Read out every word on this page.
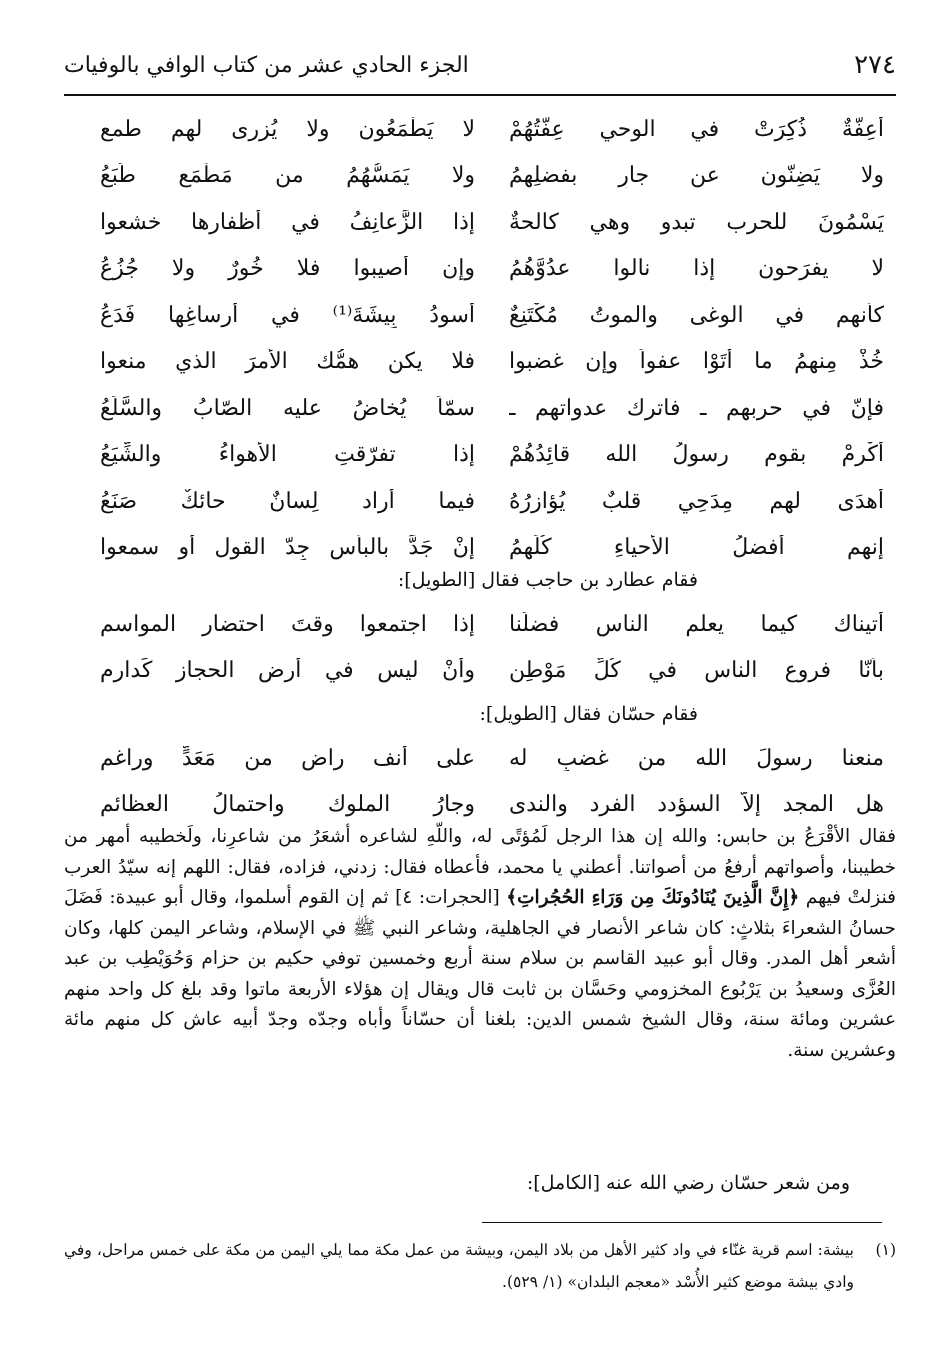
٢٧٤
الجزء الحادي عشر من كتاب الوافي بالوفيات
أَعِفَّةٌ ذُكِرَتْ في الوحي عِفَّتُهُمْ
لا يَطْمَعُون ولا يُزرى لهم طمع
ولا يَضِنّون عن جارٍ بفضلِهِمُ
ولا يَمَسُّهُمُ من مَطْمَعٍ طَبَعُ
يَسْمُونَ للحرب تبدو وهي كالحةٌ
إذا الزَّعانِفُ في أظفارها خشعوا
لا يفرَحون إذا نالوا عدُوَّهُمُ
وإن أُصيبوا فلا خُورٌ ولا جُزُعُ
كأنهم في الوغى والموتُ مُكْتَنِعٌ
أُسودُ بِيشَةَ⁽¹⁾ في أرساغِها فَدَعُ
خُذْ مِنهمُ ما أَتَوْا عفواً وإن غضبوا
فلا يكن همُّك الأمرَ الذي منعوا
فإنّ في حربهم ـ فاترك عدواتهم ـ
سمّاً يُخاضُ عليه الصّابُ والسَّلَعُ
أَكْرِمْ بقومِ رسولُ الله قائِدُهُمْ
إذا تفرّقتِ الأهواءُ والشِّيَعُ
أَهدَى لهم مِدَحِي قلبٌ يُؤازِرُهُ
فيما أراد لِسانٌ حائكٌ صَنَعُ
إنهم أفضلُ الأحياءِ كُلِّهِمُ
إنْ جَدَّ بالبأسِ جِدّ القول أو سمعوا
فقام عطارد بن حاجب فقال [الطويل]:
أتيناك كيما يعلم الناس فضلَنا
إذا اجتمعوا وقتَ احتضارِ المواسم
بأنّا فروع الناس في كُلِّ مَوْطِنٍ
وأنْ ليس في أرضِ الحجاز كَدارِم
فقام حسّان فقال [الطويل]:
منعنا رسولَ الله من غضبٍ له
على أنف راضٍ من مَعَدٍّ وراغم
هل المجد إلاّ السؤدد الفرد والندى
وجارُ الملوك واحتمالُ العظائم

فقال الأقْرَعُ بن حابس: والله إن هذا الرجل لَمُؤتًى له، واللّهِ لشاعره أشعَرُ من شاعرِنا، ولَخطيبه أمهر من خطيبنا، وأصواتهم أرفعُ من أصواتنا. أعطني يا محمد، فأعطاه فقال: زدني، فزاده، فقال: اللهم إنه سيّدُ العرب فنزلتْ فيهم ﴿إِنَّ الَّذِينَ يُنَادُونَكَ مِن وَرَاءِ الحُجُراتِ﴾ [الحجرات: ٤] ثم إن القوم أسلموا، وقال أبو عبيدة: فَضَلَ حسانُ الشعراءَ بثلاثٍ: كان شاعر الأنصار في الجاهلية، وشاعر النبي ﷺ في الإسلام، وشاعر اليمن كلها، وكان أشعر أهل المدر. وقال أبو عبيد القاسم بن سلام سنة أربع وخمسين توفي حكيم بن حزام وَحُوَيْطِب بن عبد العُزَّى وسعيدُ بن يَرْبُوع المخزومي وحَسَّان بن ثابت قال ويقال إن هؤلاء الأربعة ماتوا وقد بلغ كل واحد منهم عشرين ومائة سنة، وقال الشيخ شمس الدين: بلغنا أن حسّاناً وأباه وجدّه وجدّ أبيه عاش كل منهم مائة وعشرين سنة.

ومن شعر حسّان رضي الله عنه [الكامل]:
(١)
بيشة: اسم قرية غنّاء في واد كثير الأهل من بلاد اليمن، وبيشة من عمل مكة مما يلي اليمن من مكة على خمس مراحل، وفي وادي بيشة موضع كثير الأُسْد «معجم البلدان» (١/ ٥٢٩).
